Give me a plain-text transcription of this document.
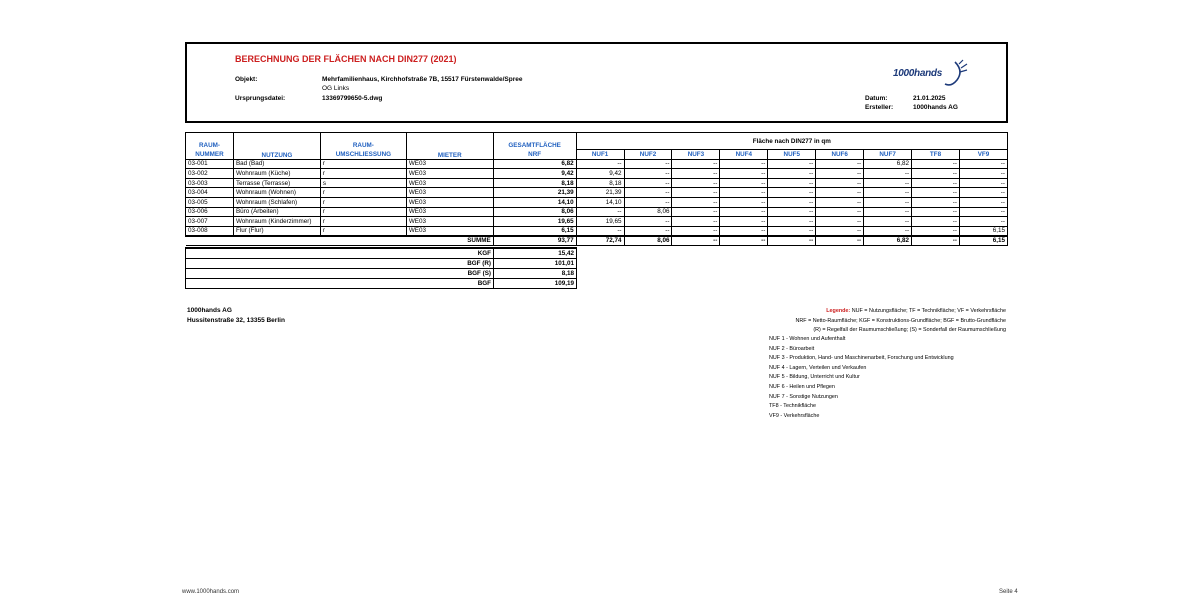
BERECHNUNG DER FLÄCHEN NACH DIN277 (2021)
Objekt:	Mehrfamilienhaus, Kirchhofstraße 7B, 15517 Fürstenwalde/Spree
OG Links
Ursprungsdatei:	13369799650-5.dwg	Datum:	21.01.2025
Ersteller:	1000hands AG
1000hands
RAUM-
NUMMER	NUTZUNG	RAUM-
UMSCHLIESSUNG	MIETER	GESAMTFLÄCHE
NRF	Fläche nach DIN277 in qm								
					NUF1	NUF2	NUF3	NUF4	NUF5	NUF6	NUF7	TF8	VF9
03-001	Bad (Bad)	r	WE03	6,82	--	--	--	--	--	--	6,82	--	--
03-002	Wohnraum (Küche)	r	WE03	9,42	9,42	--	--	--	--	--	--	--	--
03-003	Terrasse (Terrasse)	s	WE03	8,18	8,18	--	--	--	--	--	--	--	--
03-004	Wohnraum (Wohnen)	r	WE03	21,39	21,39	--	--	--	--	--	--	--	--
03-005	Wohnraum (Schlafen)	r	WE03	14,10	14,10	--	--	--	--	--	--	--	--
03-006	Büro (Arbeiten)	r	WE03	8,06	--	8,06	--	--	--	--	--	--	--
03-007	Wohnraum (Kinderzimmer)	r	WE03	19,65	19,65	--	--	--	--	--	--	--	--
03-008	Flur (Flur)	r	WE03	6,15	--	--	--	--	--	--	--	--	6,15
SUMME				93,77	72,74	8,06	--	--	--	--	6,82	--	6,15
KGF	15,42
BGF (R)	101,01
BGF (S)	8,18
BGF	109,19
1000hands AG
Hussitenstraße 32, 13355 Berlin
Legende: NUF = Nutzungsfläche; TF = Technikfläche; VF = Verkehrsfläche
NRF = Netto-Raumfläche; KGF = Konstruktions-Grundfläche; BGF = Brutto-Grundfläche
(R) = Regelfall der Raumumschließung; (S) = Sonderfall der Raumumschließung
NUF 1 - Wohnen und Aufenthalt
NUF 2 - Büroarbeit
NUF 3 - Produktion, Hand- und Maschinenarbeit, Forschung und Entwicklung
NUF 4 - Lagern, Verteilen und Verkaufen
NUF 5 - Bildung, Unterricht und Kultur
NUF 6 - Heilen und Pflegen
NUF 7 - Sonstige Nutzungen
TF8 - Technikfläche
VF9 - Verkehrsfläche
www.1000hands.com	Seite 4
